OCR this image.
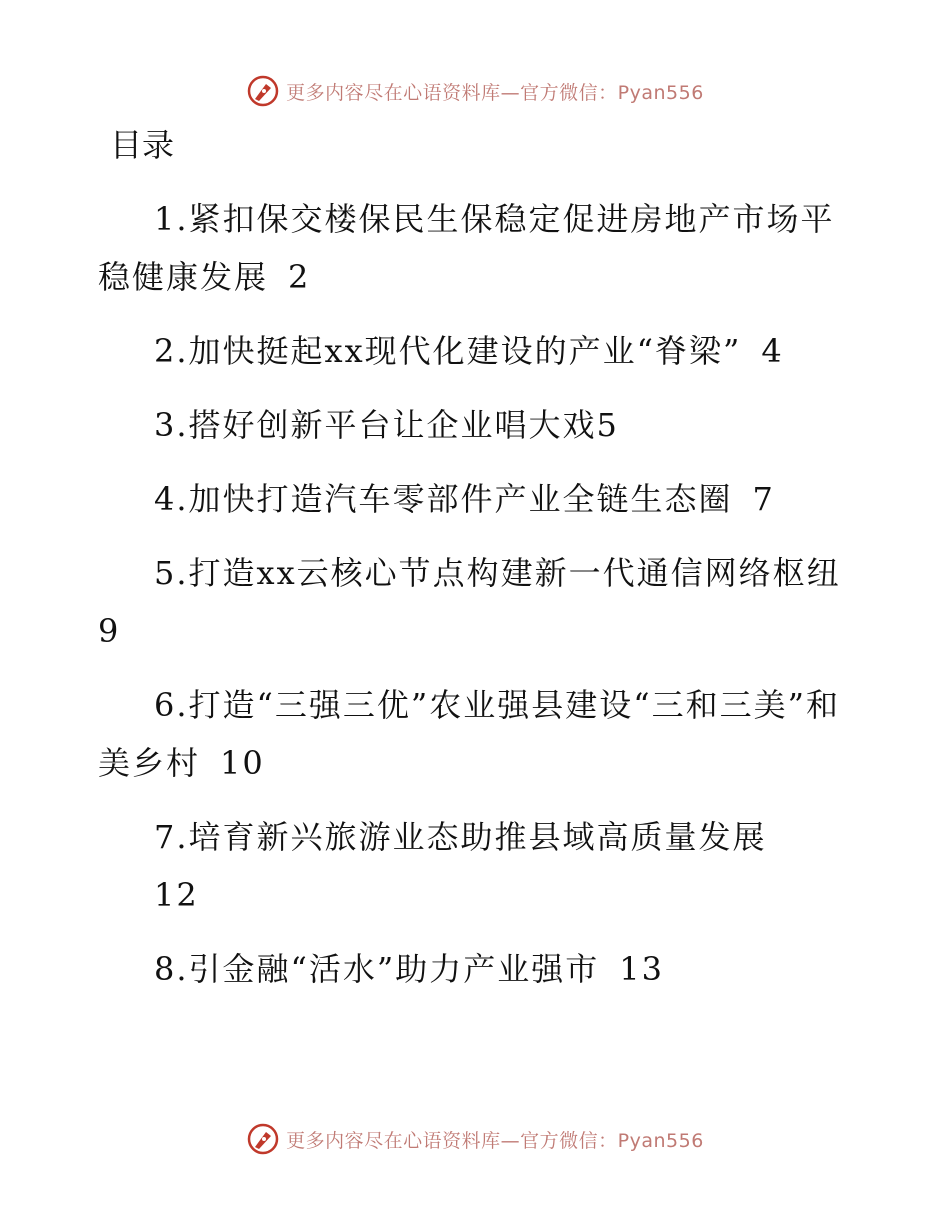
更多内容尽在心语资料库—官方微信：Pyan556
目录
1.紧扣保交楼保民生保稳定促进房地产市场平稳健康发展 2
2.加快挺起xx现代化建设的产业“脊梁” 4
3.搭好创新平台让企业唱大戏5
4.加快打造汽车零部件产业全链生态圈 7
5.打造xx云核心节点构建新一代通信网络枢纽
9
6.打造“三强三优”农业强县建设“三和三美”和美乡村 10
7.培育新兴旅游业态助推县域高质量发展
12
8.引金融“活水”助力产业强市 13
更多内容尽在心语资料库—官方微信：Pyan556
